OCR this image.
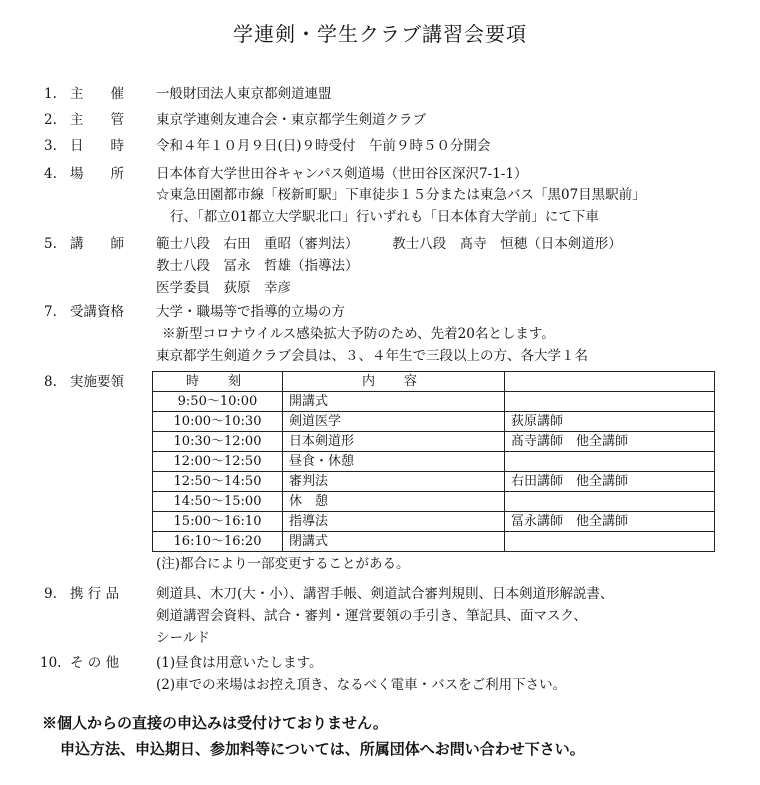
学連剣・学生クラブ講習会要項
1. 主　　催	一般財団法人東京都剣道連盟
2. 主　　管	東京学連剣友連合会・東京都学生剣道クラブ
3. 日　　時	令和４年１０月９日(日)９時受付　午前９時５０分開会
4. 場　　所	日本体育大学世田谷キャンパス剣道場（世田谷区深沢7-1-1）
☆東急田園都市線「桜新町駅」下車徒歩１５分または東急バス「黒07目黒駅前」
行、「都立01都立大学駅北口」行いずれも「日本体育大学前」にて下車
5. 講　　師	範士八段　右田　重昭（審判法）　　　教士八段　髙寺　恒穂（日本剣道形）
教士八段　冨永　哲雄（指導法）
医学委員　荻原　幸彦
7. 受講資格	大学・職場等で指導的立場の方
※新型コロナウイルス感染拡大予防のため、先着20名とします。
東京都学生剣道クラブ会員は、３、４年生で三段以上の方、各大学１名
8. 実施要領	時　刻	内　容	
9:50～10:00	開講式	
10:00～10:30	剣道医学	荻原講師
10:30～12:00	日本剣道形	髙寺講師　他全講師
12:00～12:50	昼食・休憩	
12:50～14:50	審判法	右田講師　他全講師
14:50～15:00	休　憩	
15:00～16:10	指導法	冨永講師　他全講師
16:10～16:20	閉講式	
(注)都合により一部変更することがある。
9. 携 行 品	剣道具、木刀(大・小）、講習手帳、剣道試合審判規則、日本剣道形解説書、
剣道講習会資料、試合・審判・運営要領の手引き、筆記具、面マスク、
シールド
10. そ の 他	(1)昼食は用意いたします。
(2)車での来場はお控え頂き、なるべく電車・バスをご利用下さい。
※個人からの直接の申込みは受付けておりません。
申込方法、申込期日、参加料等については、所属団体へお問い合わせ下さい。
